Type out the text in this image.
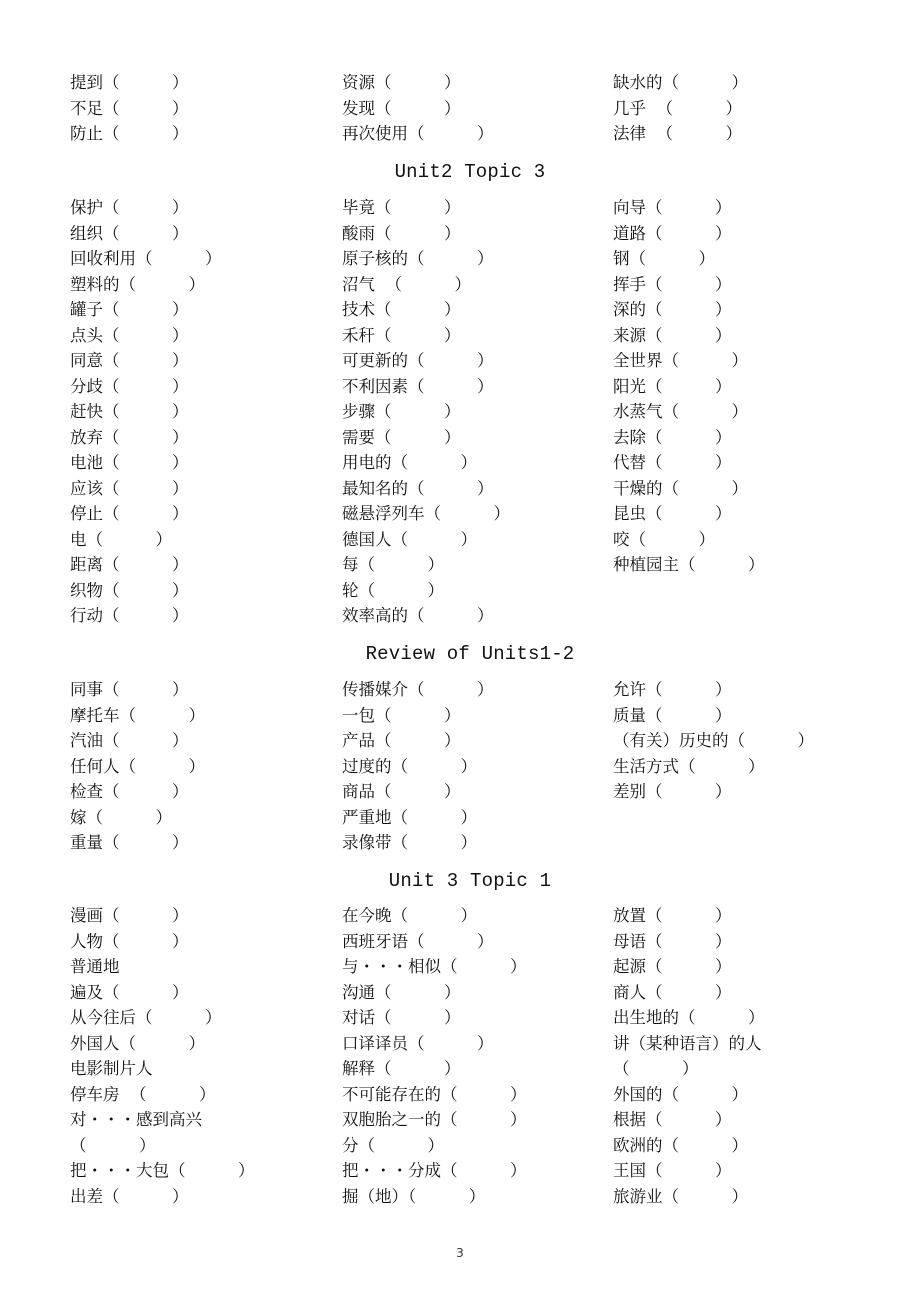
提到（          ）	资源（          ）	缺水的（          ）
不足（          ）	发现（          ）	几乎  （          ）
防止（          ）	再次使用（          ）	法律  （          ）
Unit2 Topic 3
保护（          ）	毕竟（          ）	向导（          ）
组织（          ）	酸雨（          ）	道路（          ）
回收利用（          ）	原子核的（          ）	钢（          ）
塑料的（          ）	沼气  （          ）	挥手（          ）
罐子（          ）	技术（          ）	深的（          ）
点头（          ）	禾秆（          ）	来源（          ）
同意（          ）	可更新的（          ）	全世界（          ）
分歧（          ）	不利因素（          ）	阳光（          ）
赶快（          ）	步骤（          ）	水蒸气（          ）
放弃（          ）	需要（          ）	去除（          ）
电池（          ）	用电的（          ）	代替（          ）
应该（          ）	最知名的（          ）	干燥的（          ）
停止（          ）	磁悬浮列车（          ）	昆虫（          ）
电（          ）	德国人（          ）	咬（          ）
距离（          ）	每（          ）	种植园主（          ）
织物（          ）	轮（          ）
行动（          ）	效率高的（          ）
Review of Units1-2
同事（          ）	传播媒介（          ）	允许（          ）
摩托车（          ）	一包（          ）	质量（          ）
汽油（          ）	产品（          ）	（有关）历史的（          ）
任何人（          ）	过度的（          ）	生活方式（          ）
检查（          ）	商品（          ）	差别（          ）
嫁（          ）	严重地（          ）
重量（          ）	录像带（          ）
Unit 3 Topic 1
漫画（          ）	在今晚（          ）	放置（          ）
人物（          ）	西班牙语（          ）	母语（          ）
普通地	与・・・相似（          ）	起源（          ）
遍及（          ）	沟通（          ）	商人（          ）
从今往后（          ）	对话（          ）	出生地的（          ）
外国人（          ）	口译译员（          ）	讲（某种语言）的人
电影制片人	解释（          ）	（          ）
停车房  （          ）	不可能存在的（          ）	外国的（          ）
对・・・感到高兴	双胞胎之一的（          ）	根据（          ）
（          ）	分（          ）	欧洲的（          ）
把・・・大包（          ）	把・・・分成（          ）	王国（          ）
出差（          ）	掘（地）（          ）	旅游业（          ）
3
